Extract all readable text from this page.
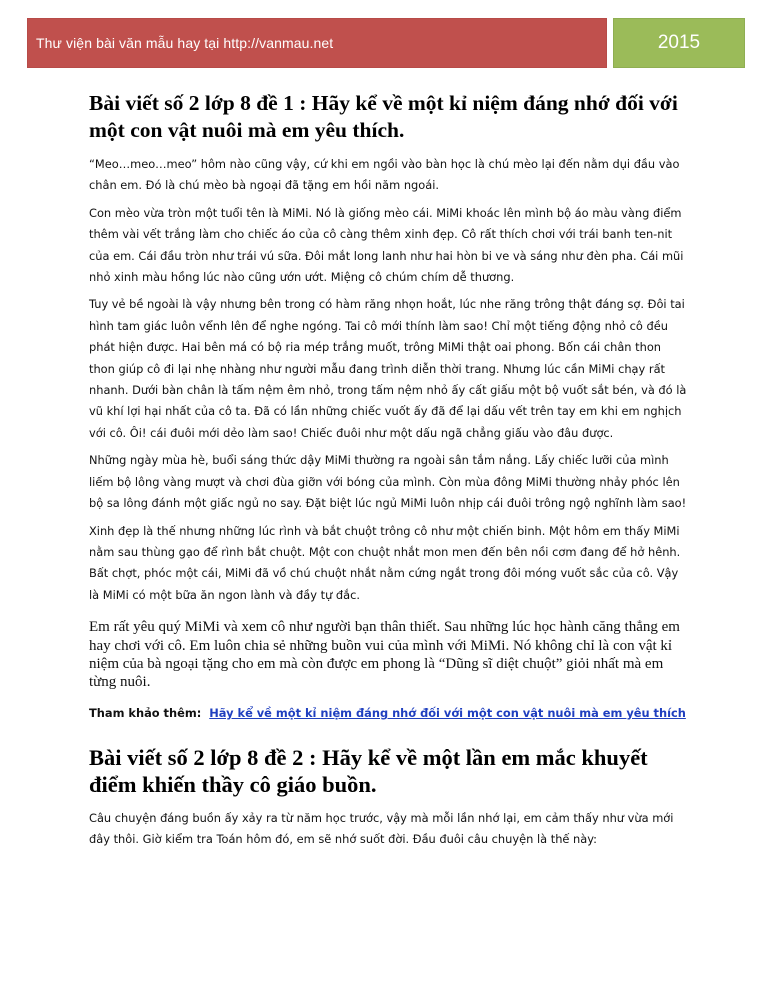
Thư viện bài văn mẫu hay tại http://vanmau.net	2015
Bài viết số 2 lớp 8 đề 1 : Hãy kể về một kỉ niệm đáng nhớ đối với một con vật nuôi mà em yêu thích.

“Meo…meo…meo” hôm nào cũng vậy, cứ khi em ngồi vào bàn học là chú mèo lại đến nằm dụi đầu vào chân em. Đó là chú mèo bà ngoại đã tặng em hồi năm ngoái.

Con mèo vừa tròn một tuổi tên là MiMi. Nó là giống mèo cái. MiMi khoác lên mình bộ áo màu vàng điểm thêm vài vết trắng làm cho chiếc áo của cô càng thêm xinh đẹp. Cô rất thích chơi với trái banh ten-nit của em. Cái đầu tròn như trái vú sữa. Đôi mắt long lanh như hai hòn bi ve và sáng như đèn pha. Cái mũi nhỏ xinh màu hồng lúc nào cũng ướn ướt. Miệng cô chúm chím dễ thương.

Tuy vẻ bề ngoài là vậy nhưng bên trong có hàm răng nhọn hoắt, lúc nhe răng trông thật đáng sợ. Đôi tai hình tam giác luôn vểnh lên để nghe ngóng. Tai cô mới thính làm sao! Chỉ một tiếng động nhỏ cô đều phát hiện được. Hai bên má có bộ ria mép trắng muốt, trông MiMi thật oai phong. Bốn cái chân thon thon giúp cô đi lại nhẹ nhàng như người mẫu đang trình diễn thời trang. Nhưng lúc cần MiMi chạy rất nhanh. Dưới bàn chân là tấm nệm êm nhỏ, trong tấm nệm nhỏ ấy cất giấu một bộ vuốt sắt bén, và đó là vũ khí lợi hại nhất của cô ta. Đã có lần những chiếc vuốt ấy đã để lại dấu vết trên tay em khi em nghịch với cô. Ôi! cái đuôi mới dẻo làm sao! Chiếc đuôi như một dấu ngã chẳng giấu vào đâu được.

Những ngày mùa hè, buổi sáng thức dậy MiMi thường ra ngoài sân tắm nắng. Lấy chiếc lưỡi của mình liếm bộ lông vàng mượt và chơi đùa giỡn với bóng của mình. Còn mùa đông MiMi thường nhảy phóc lên bộ sa lông đánh một giấc ngủ no say. Đặt biệt lúc ngủ MiMi luôn nhịp cái đuôi trông ngộ nghĩnh làm sao!

Xinh đẹp là thế nhưng những lúc rình và bắt chuột trông cô như một chiến binh. Một hôm em thấy MiMi nằm sau thùng gạo để rình bắt chuột. Một con chuột nhắt mon men đến bên nồi cơm đang để hở hênh. Bất chợt, phóc một cái, MiMi đã vồ chú chuột nhắt nằm cứng ngắt trong đôi móng vuốt sắc của cô. Vậy là MiMi có một bữa ăn ngon lành và đầy tự đắc.

Em rất yêu quý MiMi và xem cô như người bạn thân thiết. Sau những lúc học hành căng thẳng em hay chơi với cô. Em luôn chia sẻ những buồn vui của mình với MiMi. Nó không chỉ là con vật kỉ niệm của bà ngoại tặng cho em mà còn được em phong là “Dũng sĩ diệt chuột” giỏi nhất mà em từng nuôi.

Tham khảo thêm: Hãy kể về một kỉ niệm đáng nhớ đối với một con vật nuôi mà em yêu thích

Bài viết số 2 lớp 8 đề 2 : Hãy kể về một lần em mắc khuyết điểm khiến thầy cô giáo buồn.

Câu chuyện đáng buồn ấy xảy ra từ năm học trước, vậy mà mỗi lần nhớ lại, em cảm thấy như vừa mới đây thôi. Giờ kiểm tra Toán hôm đó, em sẽ nhớ suốt đời. Đầu đuôi câu chuyện là thế này:
